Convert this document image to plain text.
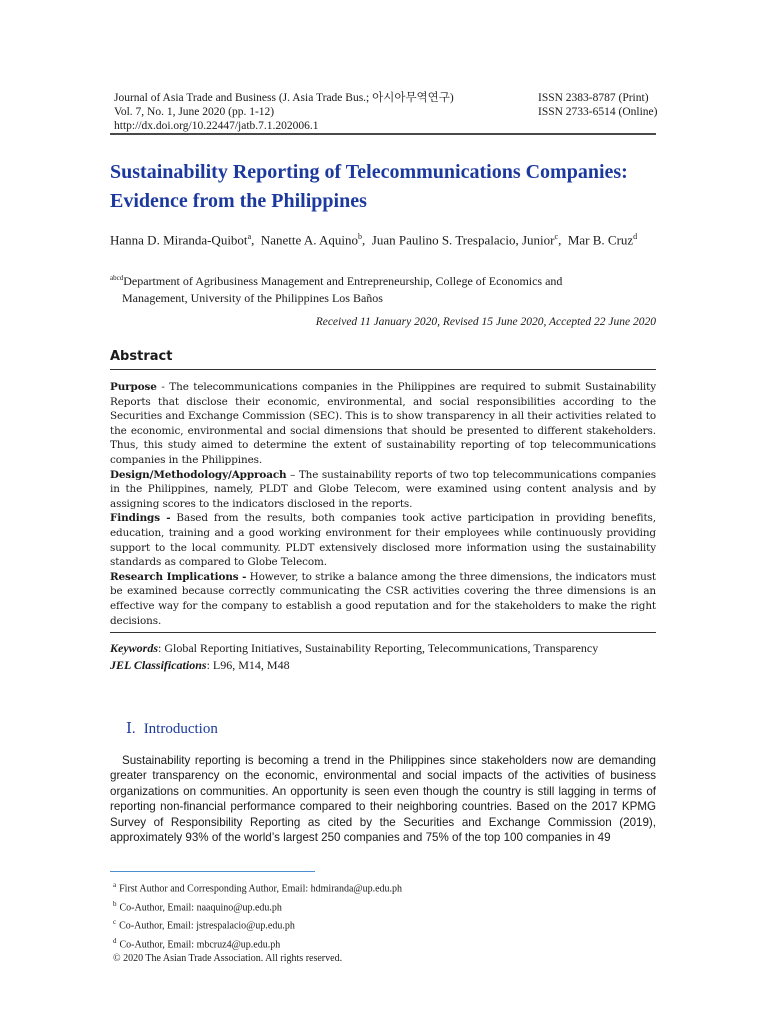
Journal of Asia Trade and Business (J. Asia Trade Bus.; 아시아무역연구)
Vol. 7, No. 1, June 2020 (pp. 1-12)
http://dx.doi.org/10.22447/jatb.7.1.202006.1
ISSN 2383-8787 (Print)
ISSN 2733-6514 (Online)
Sustainability Reporting of Telecommunications Companies:
Evidence from the Philippines
Hanna D. Miranda-Quibot$^a$,  Nanette A. Aquino$^b$,  Juan Paulino S. Trespalacio, Junior$^c$,  Mar B. Cruz$^d$
$^{abcd}$Department of Agribusiness Management and Entrepreneurship, College of Economics and
Management, University of the Philippines Los Baños
Received 11 January 2020, Revised 15 June 2020, Accepted 22 June 2020
Abstract

Purpose - The telecommunications companies in the Philippines are required to submit Sustainability Reports that disclose their economic, environmental, and social responsibilities according to the Securities and Exchange Commission (SEC). This is to show transparency in all their activities related to the economic, environmental and social dimensions that should be presented to different stakeholders. Thus, this study aimed to determine the extent of sustainability reporting of top telecommunications companies in the Philippines.

Design/Methodology/Approach – The sustainability reports of two top telecommunications companies in the Philippines, namely, PLDT and Globe Telecom, were examined using content analysis and by assigning scores to the indicators disclosed in the reports.

Findings - Based from the results, both companies took active participation in providing benefits, education, training and a good working environment for their employees while continuously providing support to the local community. PLDT extensively disclosed more information using the sustainability standards as compared to Globe Telecom.

Research Implications - However, to strike a balance among the three dimensions, the indicators must be examined because correctly communicating the CSR activities covering the three dimensions is an effective way for the company to establish a good reputation and for the stakeholders to make the right decisions.

Keywords: Global Reporting Initiatives, Sustainability Reporting, Telecommunications, Transparency
JEL Classifications: L96, M14, M48
Ⅰ. Introduction

Sustainability reporting is becoming a trend in the Philippines since stakeholders now are demanding greater transparency on the economic, environmental and social impacts of the activities of business organizations on communities. An opportunity is seen even though the country is still lagging in terms of reporting non-financial performance compared to their neighboring countries. Based on the 2017 KPMG Survey of Responsibility Reporting as cited by the Securities and Exchange Commission (2019), approximately 93% of the world’s largest 250 companies and 75% of the top 100 companies in 49

$^a$ First Author and Corresponding Author, Email: hdmiranda@up.edu.ph
$^b$ Co-Author, Email: naaquino@up.edu.ph
$^c$ Co-Author, Email: jstrespalacio@up.edu.ph
$^d$ Co-Author, Email: mbcruz4@up.edu.ph
© 2020 The Asian Trade Association. All rights reserved.
